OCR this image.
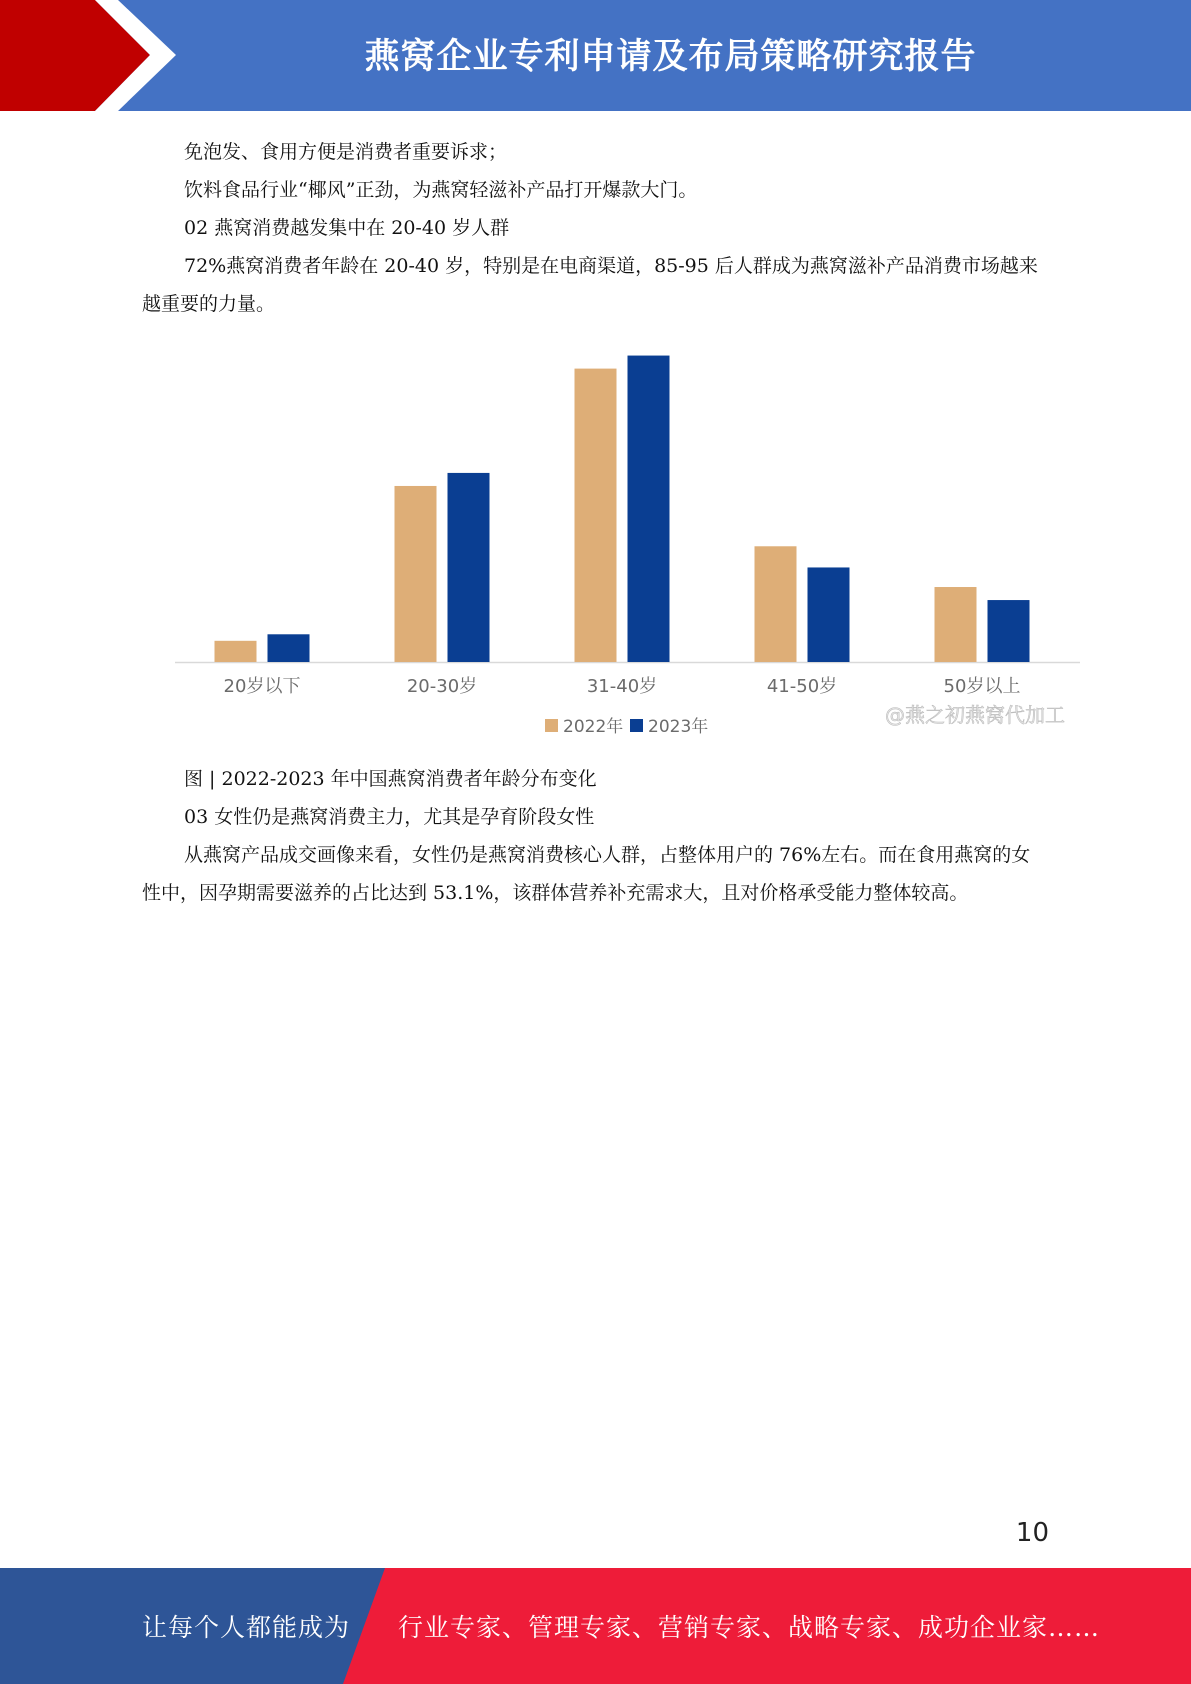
燕窝企业专利申请及布局策略研究报告

免泡发、食用方便是消费者重要诉求；

饮料食品行业“椰风”正劲，为燕窝轻滋补产品打开爆款大门。

02 燕窝消费越发集中在 20-40 岁人群

72%燕窝消费者年龄在 20-40 岁，特别是在电商渠道，85-95 后人群成为燕窝滋补产品消费市场越来越重要的力量。

20岁以下	20-30岁	31-40岁	41-50岁	50岁以上
2022年 2023年	@燕之初燕窝代加工

图 | 2022-2023 年中国燕窝消费者年龄分布变化

03 女性仍是燕窝消费主力，尤其是孕育阶段女性

从燕窝产品成交画像来看，女性仍是燕窝消费核心人群，占整体用户的 76%左右。而在食用燕窝的女性中，因孕期需要滋养的占比达到 53.1%，该群体营养补充需求大，且对价格承受能力整体较高。

10
让每个人都能成为 行业专家、管理专家、营销专家、战略专家、成功企业家……
